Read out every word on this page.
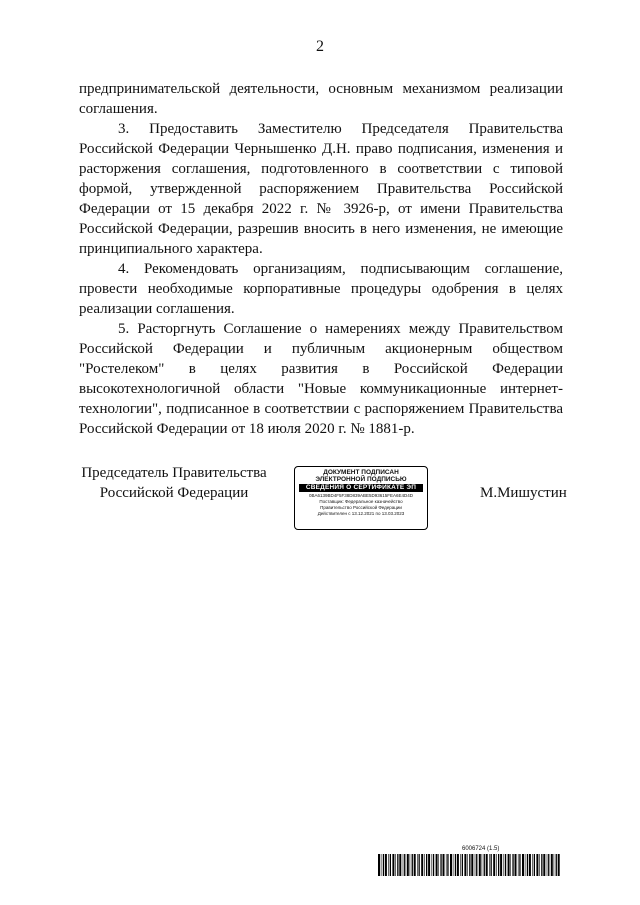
2

предпринимательской деятельности, основным механизмом реализации соглашения.

3. Предоставить Заместителю Председателя Правительства Российской Федерации Чернышенко Д.Н. право подписания, изменения и расторжения соглашения, подготовленного в соответствии с типовой формой, утвержденной распоряжением Правительства Российской Федерации от 15 декабря 2022 г. № 3926-р, от имени Правительства Российской Федерации, разрешив вносить в него изменения, не имеющие принципиального характера.

4. Рекомендовать организациям, подписывающим соглашение, провести необходимые корпоративные процедуры одобрения в целях реализации соглашения.

5. Расторгнуть Соглашение о намерениях между Правительством Российской Федерации и публичным акционерным обществом "Ростелеком" в целях развития в Российской Федерации высокотехнологичной области "Новые коммуникационные интернет-технологии", подписанное в соответствии с распоряжением Правительства Российской Федерации от 18 июля 2020 г. № 1881-р.

Председатель Правительства
Российской Федерации
ДОКУМЕНТ ПОДПИСАН
ЭЛЕКТРОННОЙ ПОДПИСЬЮ
СВЕДЕНИЯ О СЕРТИФИКАТЕ ЭП
0BA6139BD4F5F38D839ABE5D93615FEA6E4D4D
Поставщик: Федеральное казначейство
Правительство Российской Федерации
Действителен с 13.12.2021 по 13.03.2023
М.Мишустин
6006724 (1.5)
